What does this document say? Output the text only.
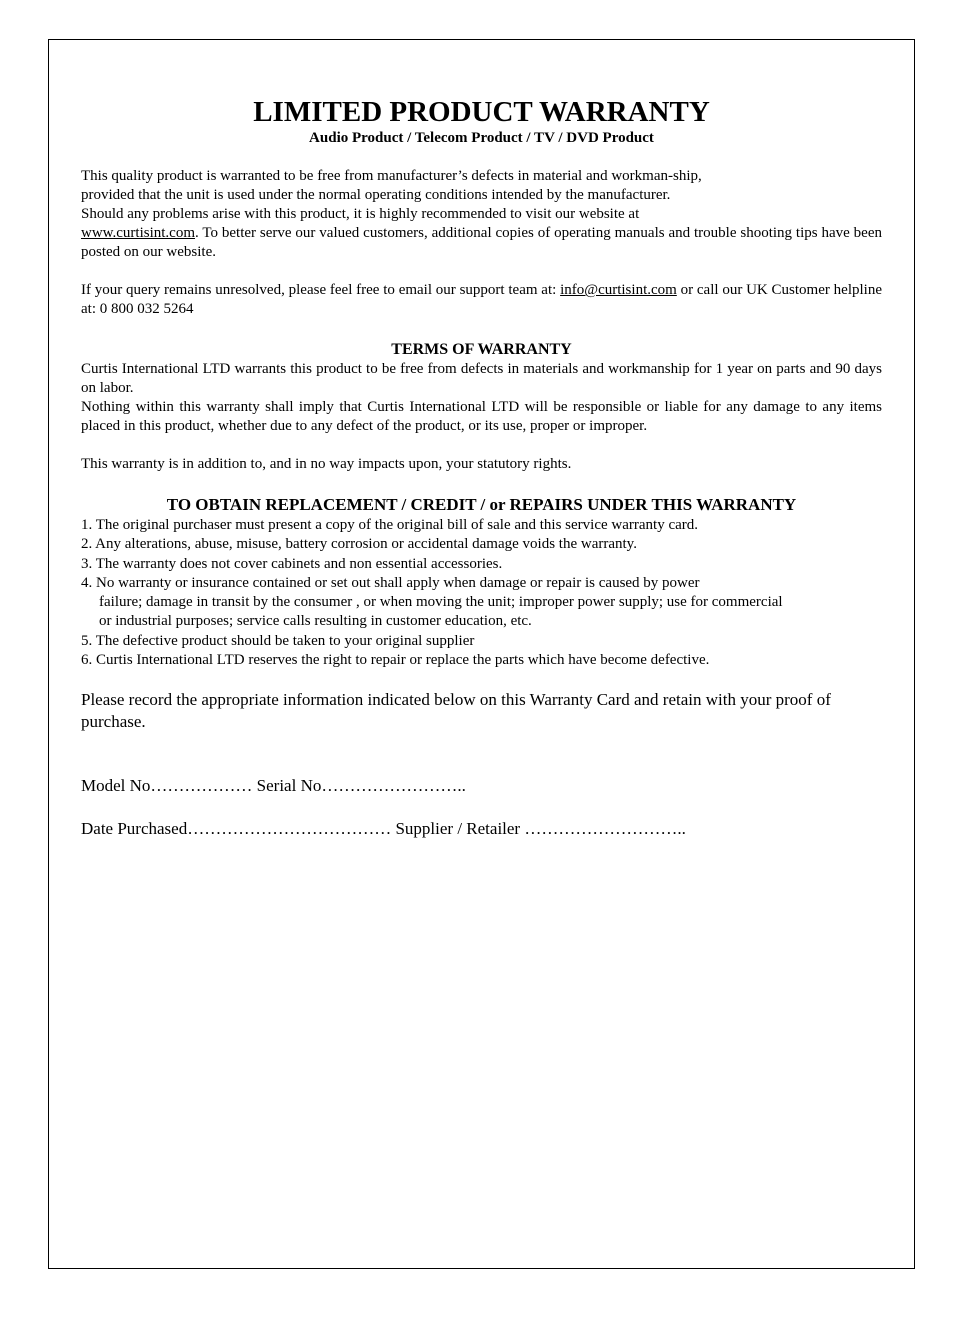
LIMITED PRODUCT WARRANTY
Audio Product / Telecom Product / TV / DVD Product
This quality product is warranted to be free from manufacturer’s defects in material and workman-ship,
provided that the unit is used under the normal operating conditions intended by the manufacturer.
Should any problems arise with this product, it is highly recommended to visit our website at
www.curtisint.com. To better serve our valued customers, additional copies of operating manuals and trouble shooting tips have been posted on our website.
If your query remains unresolved, please feel free to email our support team at: info@curtisint.com or call our UK Customer helpline at: 0 800 032 5264
TERMS OF WARRANTY
Curtis International LTD warrants this product to be free from defects in materials and workmanship for 1 year on parts and 90 days on labor.
Nothing within this warranty shall imply that Curtis International LTD will be responsible or liable for any damage to any items placed in this product, whether due to any defect of the product, or its use, proper or improper.
This warranty is in addition to, and in no way impacts upon, your statutory rights.
TO OBTAIN REPLACEMENT / CREDIT / or REPAIRS UNDER THIS WARRANTY
1. The original purchaser must present a copy of the original bill of sale and this service warranty card.
2. Any alterations, abuse, misuse, battery corrosion or accidental damage voids the warranty.
3. The warranty does not cover cabinets and non essential accessories.
4. No warranty or insurance contained or set out shall apply when damage or repair is caused by power
failure; damage in transit by the consumer , or when moving the unit; improper power supply; use for commercial
or industrial purposes; service calls resulting in customer education, etc.
5. The defective product should be taken to your original supplier
6. Curtis International LTD reserves the right to repair or replace the parts which have become defective.
Please record the appropriate information indicated below on this Warranty Card and retain with your proof of purchase.
Model No……………… Serial No……………………..
Date Purchased……………………………… Supplier / Retailer ………………………..
